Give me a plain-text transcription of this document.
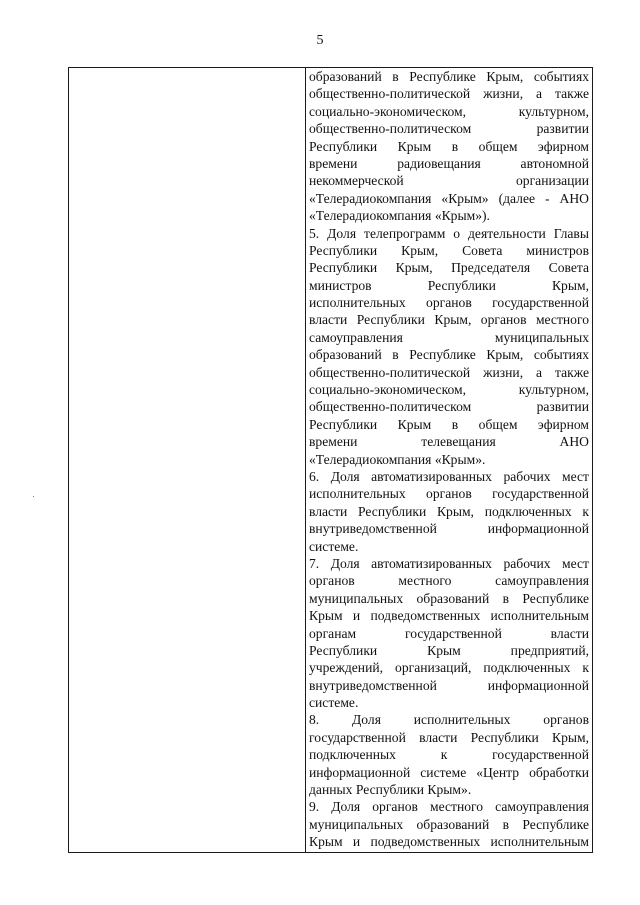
5
образований в Республике Крым, событиях
общественно-политической жизни, а также
социально-экономическом, культурном,
общественно-политическом развитии
Республики Крым в общем эфирном
времени радиовещания автономной
некоммерческой организации
«Телерадиокомпания «Крым» (далее - АНО
«Телерадиокомпания «Крым»).
5. Доля телепрограмм о деятельности Главы
Республики Крым, Совета министров
Республики Крым, Председателя Совета
министров Республики Крым,
исполнительных органов государственной
власти Республики Крым, органов местного
самоуправления муниципальных
образований в Республике Крым, событиях
общественно-политической жизни, а также
социально-экономическом, культурном,
общественно-политическом развитии
Республики Крым в общем эфирном
времени телевещания АНО
«Телерадиокомпания «Крым».
6. Доля автоматизированных рабочих мест
исполнительных органов государственной
власти Республики Крым, подключенных к
внутриведомственной информационной
системе.
7. Доля автоматизированных рабочих мест
органов местного самоуправления
муниципальных образований в Республике
Крым и подведомственных исполнительным
органам государственной власти
Республики Крым предприятий,
учреждений, организаций, подключенных к
внутриведомственной информационной
системе.
8. Доля исполнительных органов
государственной власти Республики Крым,
подключенных к государственной
информационной системе «Центр обработки
данных Республики Крым».
9. Доля органов местного самоуправления
муниципальных образований в Республике
Крым и подведомственных исполнительным
